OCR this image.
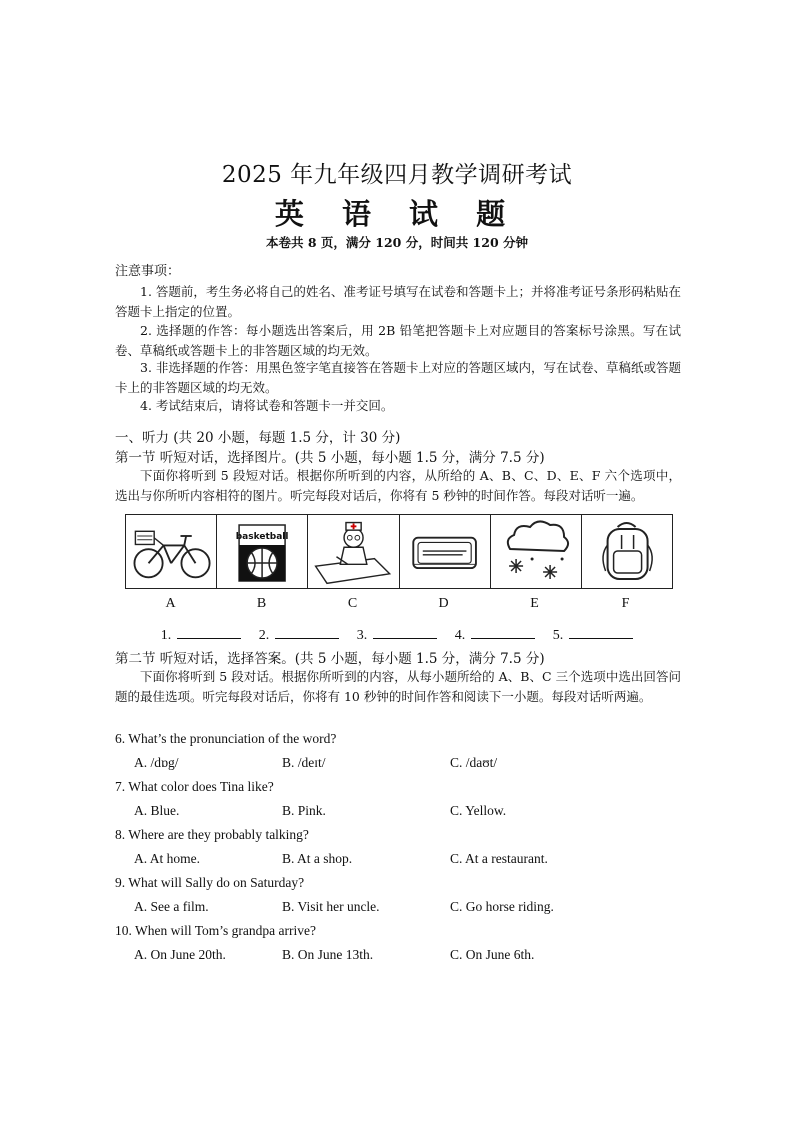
2025 年九年级四月教学调研考试
英 语 试 题
本卷共 8 页，满分 120 分，时间共 120 分钟
注意事项：
1. 答题前，考生务必将自己的姓名、准考证号填写在试卷和答题卡上；并将准考证号条形码粘贴在答题卡上指定的位置。
2. 选择题的作答：每小题选出答案后，用 2B 铅笔把答题卡上对应题目的答案标号涂黑。写在试卷、草稿纸或答题卡上的非答题区域的均无效。
3. 非选择题的作答：用黑色签字笔直接答在答题卡上对应的答题区域内，写在试卷、草稿纸或答题卡上的非答题区域的均无效。
4. 考试结束后，请将试卷和答题卡一并交回。
一、听力 (共 20 小题，每题 1.5 分，计 30 分)
第一节 听短对话，选择图片。(共 5 小题，每小题 1.5 分，满分 7.5 分)
下面你将听到 5 段短对话。根据你所听到的内容，从所给的 A、B、C、D、E、F 六个选项中，选出与你所听内容相符的图片。听完每段对话后，你将有 5 秒钟的时间作答。每段对话听一遍。
basketball
A	B	C	D	E	F
1.	2.	3.	4.	5.
第二节 听短对话，选择答案。(共 5 小题，每小题 1.5 分，满分 7.5 分)
下面你将听到 5 段对话。根据你所听到的内容，从每小题所给的 A、B、C 三个选项中选出回答问题的最佳选项。听完每段对话后，你将有 10 秒钟的时间作答和阅读下一小题。每段对话听两遍。
6. What’s the pronunciation of the word?
A. /dɒg/	B. /deɪt/	C. /daʊt/
7. What color does Tina like?
A. Blue.	B. Pink.	C. Yellow.
8. Where are they probably talking?
A. At home.	B. At a shop.	C. At a restaurant.
9. What will Sally do on Saturday?
A. See a film.	B. Visit her uncle.	C. Go horse riding.
10. When will Tom’s grandpa arrive?
A. On June 20th.	B. On June 13th.	C. On June 6th.
